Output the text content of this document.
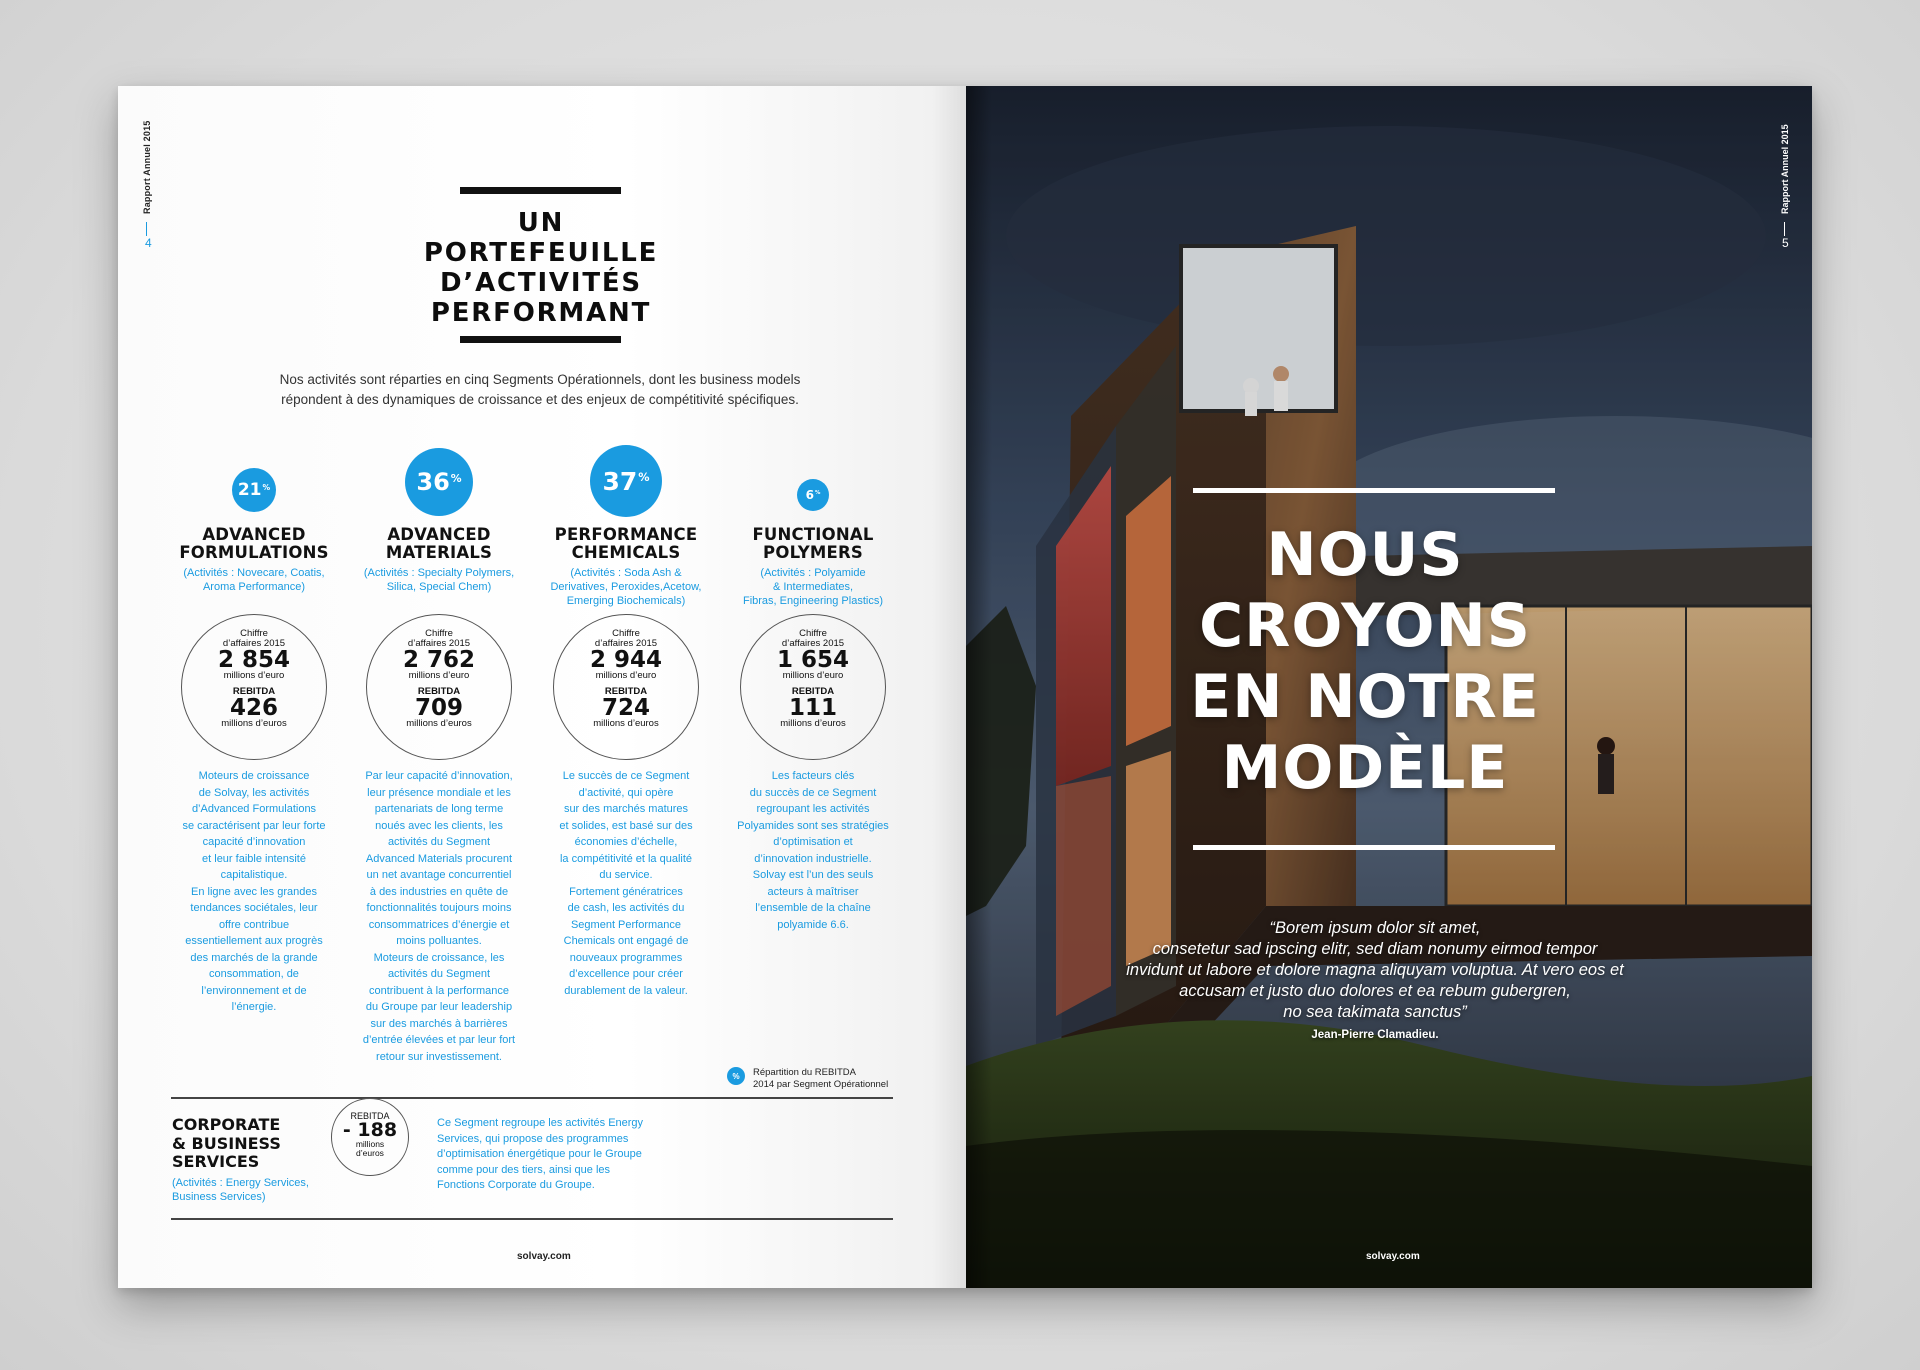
Rapport Annuel 2015
4
UN
PORTEFEUILLE
D’ACTIVITÉS
PERFORMANT
Nos activités sont réparties en cinq Segments Opérationnels, dont les business models
répondent à des dynamiques de croissance et des enjeux de compétitivité spécifiques.
21%
ADVANCED
FORMULATIONS
(Activités : Novecare, Coatis,
Aroma Performance)
Chiffre
d’affaires 2015
2 854
millions d’euro
REBITDA
426
millions d’euros
Moteurs de croissance
de Solvay, les activités
d’Advanced Formulations
se caractérisent par leur forte
capacité d’innovation
et leur faible intensité
capitalistique.
En ligne avec les grandes
tendances sociétales, leur
offre contribue
essentiellement aux progrès
des marchés de la grande
consommation, de
l’environnement et de
l’énergie.
36%
ADVANCED
MATERIALS
(Activités : Specialty Polymers,
Silica, Special Chem)
Chiffre
d’affaires 2015
2 762
millions d’euro
REBITDA
709
millions d’euros
Par leur capacité d’innovation,
leur présence mondiale et les
partenariats de long terme
noués avec les clients, les
activités du Segment
Advanced Materials procurent
un net avantage concurrentiel
à des industries en quête de
fonctionnalités toujours moins
consommatrices d’énergie et
moins polluantes.
Moteurs de croissance, les
activités du Segment
contribuent à la performance
du Groupe par leur leadership
sur des marchés à barrières
d’entrée élevées et par leur fort
retour sur investissement.
37%
PERFORMANCE
CHEMICALS
(Activités : Soda Ash &
Derivatives, Peroxides,Acetow,
Emerging Biochemicals)
Chiffre
d’affaires 2015
2 944
millions d’euro
REBITDA
724
millions d’euros
Le succès de ce Segment
d’activité, qui opère
sur des marchés matures
et solides, est basé sur des
économies d’échelle,
la compétitivité et la qualité
du service.
Fortement génératrices
de cash, les activités du
Segment Performance
Chemicals ont engagé de
nouveaux programmes
d’excellence pour créer
durablement de la valeur.
6%
FUNCTIONAL
POLYMERS
(Activités : Polyamide
& Intermediates,
Fibras, Engineering Plastics)
Chiffre
d’affaires 2015
1 654
millions d’euro
REBITDA
111
millions d’euros
Les facteurs clés
du succès de ce Segment
regroupant les activités
Polyamides sont ses stratégies
d’optimisation et
d’innovation industrielle.
Solvay est l’un des seuls
acteurs à maîtriser
l’ensemble de la chaîne
polyamide 6.6.
%	Répartition du REBITDA
2014 par Segment Opérationnel
CORPORATE
& BUSINESS
SERVICES
(Activités : Energy Services,
Business Services)
REBITDA
- 188
millions
d’euros
Ce Segment regroupe les activités Energy
Services, qui propose des programmes
d’optimisation énergétique pour le Groupe
comme pour des tiers, ainsi que les
Fonctions Corporate du Groupe.
solvay.com
Rapport Annuel 2015
5
NOUS
CROYONS
EN NOTRE
MODÈLE
“Borem ipsum dolor sit amet,
consetetur sad ipscing elitr, sed diam nonumy eirmod tempor
invidunt ut labore et dolore magna aliquyam voluptua. At vero eos et
accusam et justo duo dolores et ea rebum gubergren,
no sea takimata sanctus”
Jean-Pierre Clamadieu.
solvay.com
